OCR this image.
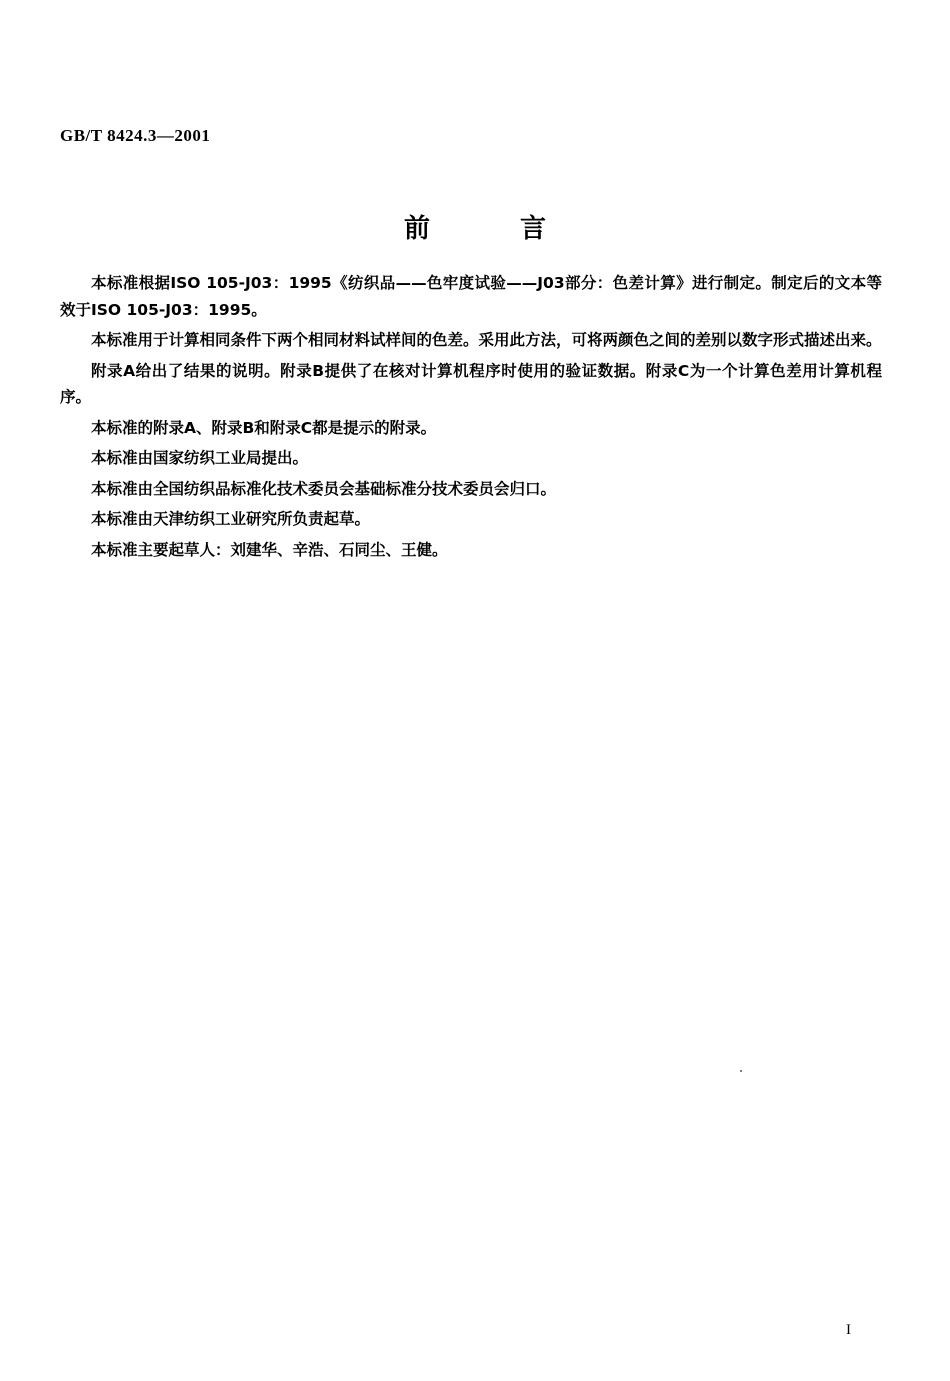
GB/T 8424.3—2001
前	言

本标准根据ISO 105-J03：1995《纺织品——色牢度试验——J03部分：色差计算》进行制定。制定后的文本等效于ISO 105-J03：1995。

本标准用于计算相同条件下两个相同材料试样间的色差。采用此方法，可将两颜色之间的差别以数字形式描述出来。

附录A给出了结果的说明。附录B提供了在核对计算机程序时使用的验证数据。附录C为一个计算色差用计算机程序。

本标准的附录A、附录B和附录C都是提示的附录。

本标准由国家纺织工业局提出。

本标准由全国纺织品标准化技术委员会基础标准分技术委员会归口。

本标准由天津纺织工业研究所负责起草。

本标准主要起草人：刘建华、辛浩、石同尘、王健。

I
